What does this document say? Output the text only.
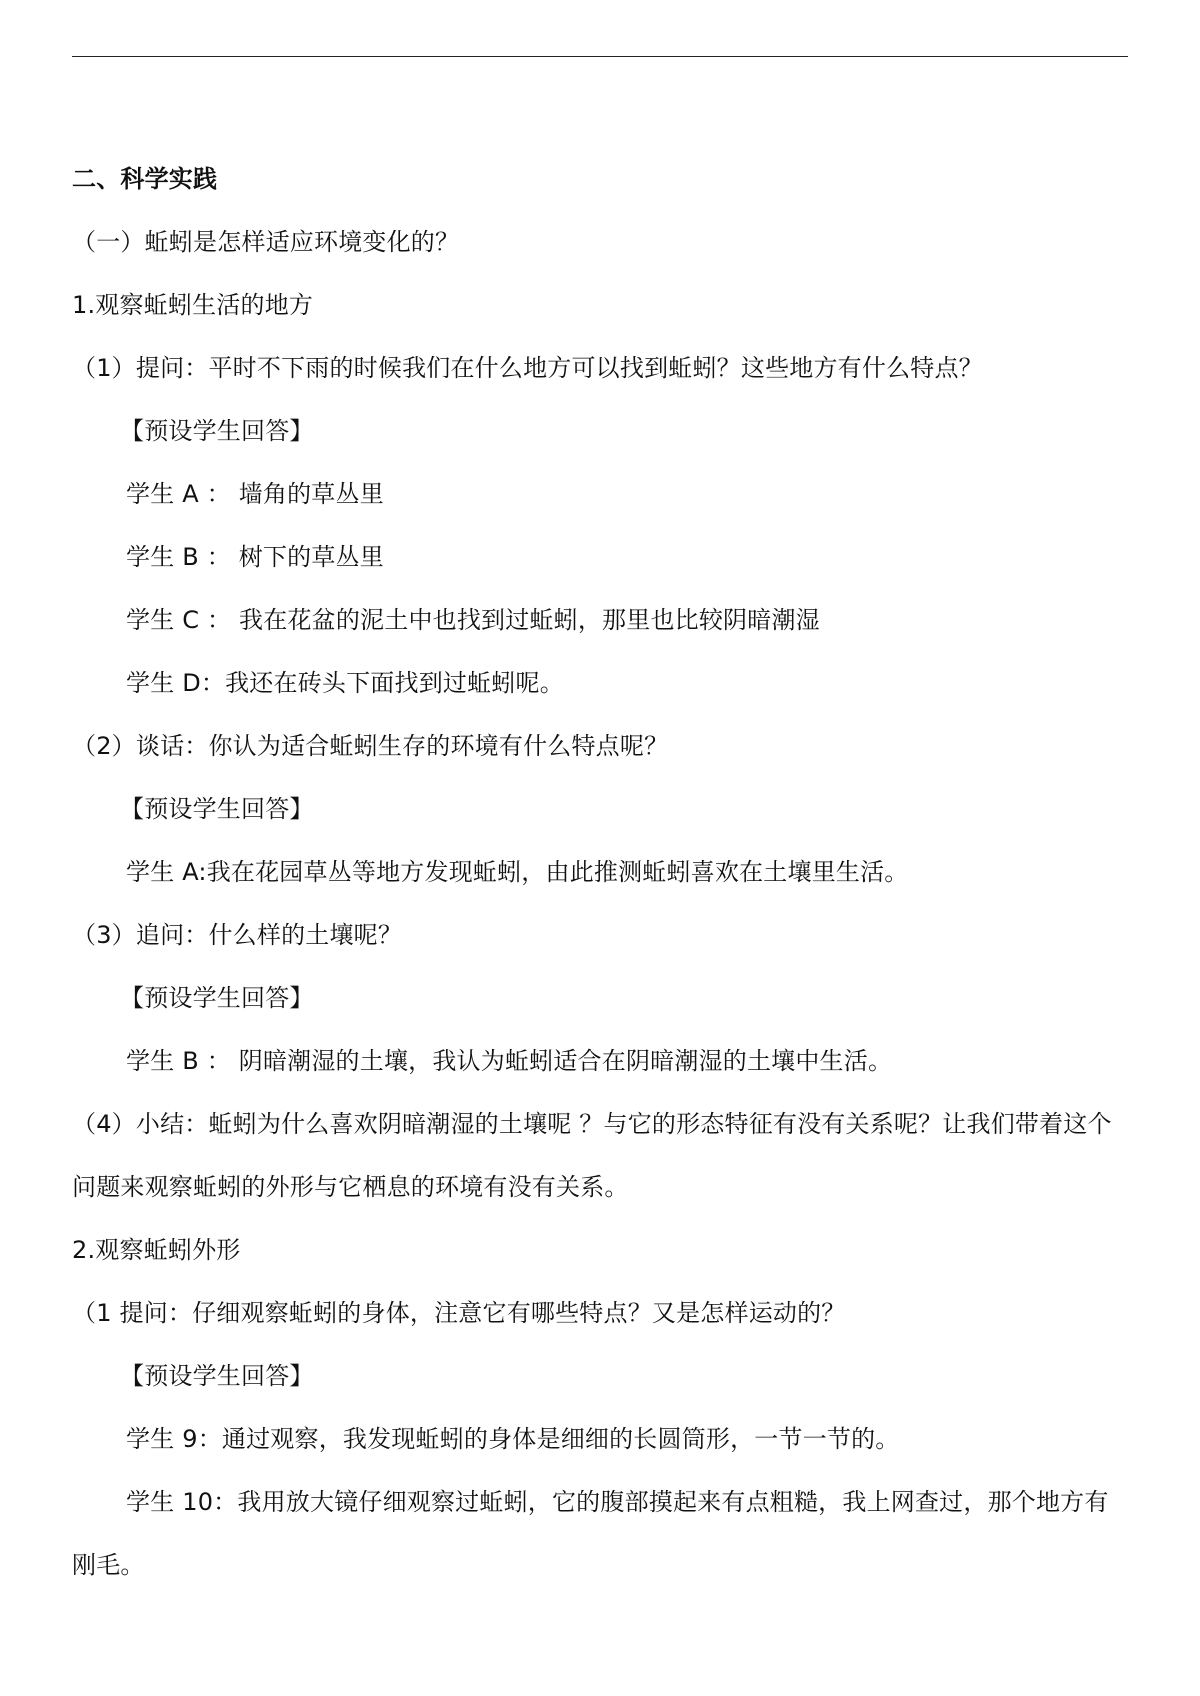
二、科学实践
（一）蚯蚓是怎样适应环境变化的？
1.观察蚯蚓生活的地方
（1）提问：平时不下雨的时候我们在什么地方可以找到蚯蚓？这些地方有什么特点？
【预设学生回答】
学生 A ： 墙角的草丛里
学生 B ： 树下的草丛里
学生 C ： 我在花盆的泥土中也找到过蚯蚓，那里也比较阴暗潮湿
学生 D：我还在砖头下面找到过蚯蚓呢。
（2）谈话：你认为适合蚯蚓生存的环境有什么特点呢？
【预设学生回答】
学生 A:我在花园草丛等地方发现蚯蚓，由此推测蚯蚓喜欢在土壤里生活。
（3）追问：什么样的土壤呢？
【预设学生回答】
学生 B ： 阴暗潮湿的土壤，我认为蚯蚓适合在阴暗潮湿的土壤中生活。
（4）小结：蚯蚓为什么喜欢阴暗潮湿的土壤呢 ？与它的形态特征有没有关系呢？让我们带着这个问题来观察蚯蚓的外形与它栖息的环境有没有关系。
2.观察蚯蚓外形
（1 提问：仔细观察蚯蚓的身体，注意它有哪些特点？又是怎样运动的？
【预设学生回答】
学生 9：通过观察，我发现蚯蚓的身体是细细的长圆筒形，一节一节的。
学生 10：我用放大镜仔细观察过蚯蚓，它的腹部摸起来有点粗糙，我上网查过，那个地方有刚毛。
